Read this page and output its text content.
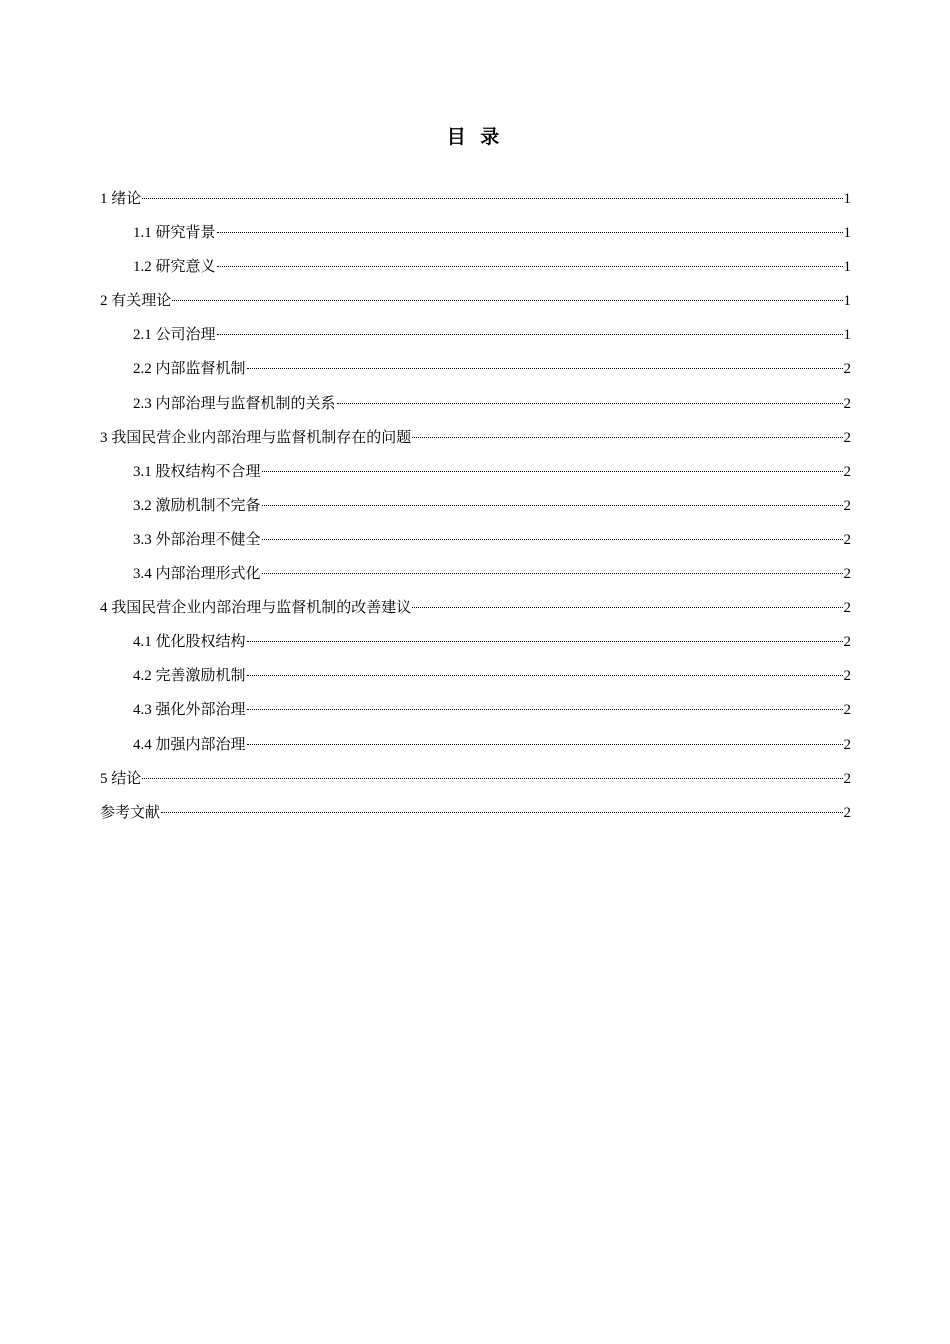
目 录
1 绪论	1
1.1 研究背景	1
1.2 研究意义	1
2 有关理论	1
2.1 公司治理	1
2.2 内部监督机制	2
2.3 内部治理与监督机制的关系	2
3 我国民营企业内部治理与监督机制存在的问题	2
3.1 股权结构不合理	2
3.2 激励机制不完备	2
3.3 外部治理不健全	2
3.4 内部治理形式化	2
4 我国民营企业内部治理与监督机制的改善建议	2
4.1 优化股权结构	2
4.2 完善激励机制	2
4.3 强化外部治理	2
4.4 加强内部治理	2
5 结论	2
参考文献	2
